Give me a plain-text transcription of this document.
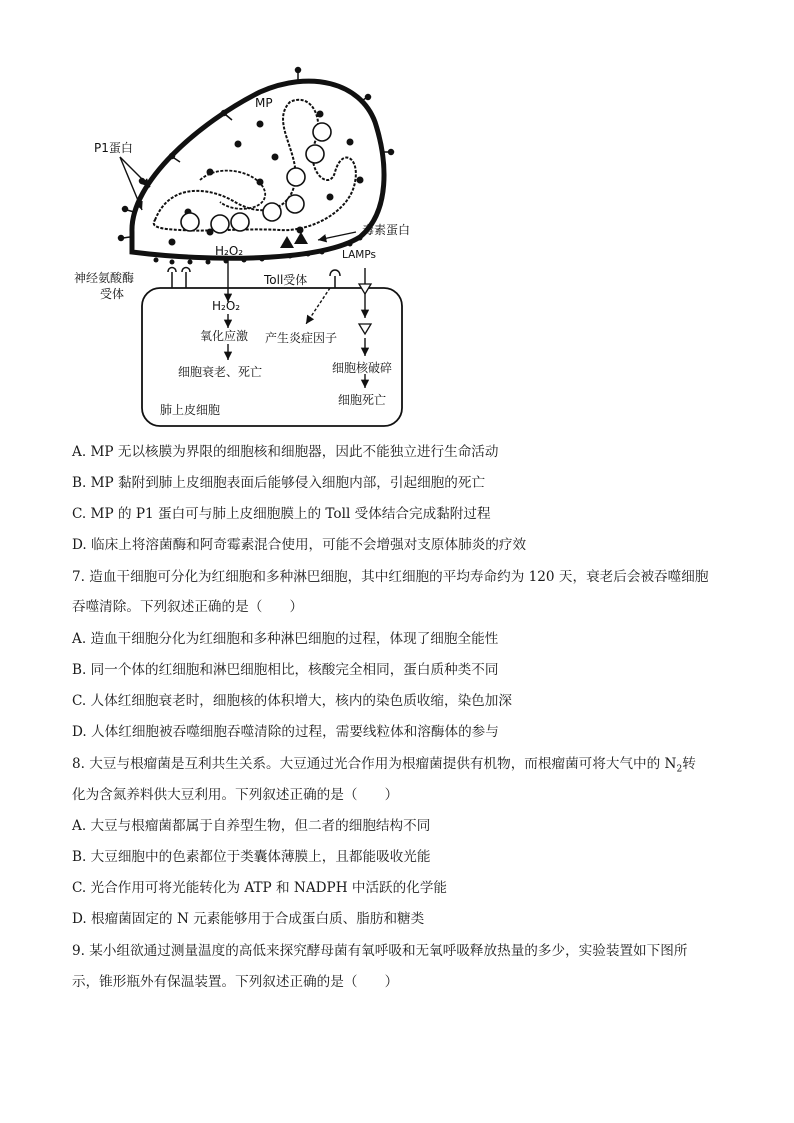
MP
P1蛋白
毒素蛋白
H₂O₂	LAMPs
神经氨酸酶
受体
Toll受体
H₂O₂
氧化应激 产生炎症因子
细胞衰老、死亡	细胞核破碎
细胞死亡
肺上皮细胞
A. MP 无以核膜为界限的细胞核和细胞器，因此不能独立进行生命活动
B. MP 黏附到肺上皮细胞表面后能够侵入细胞内部，引起细胞的死亡
C. MP 的 P1 蛋白可与肺上皮细胞膜上的 Toll 受体结合完成黏附过程
D. 临床上将溶菌酶和阿奇霉素混合使用，可能不会增强对支原体肺炎的疗效
7. 造血干细胞可分化为红细胞和多种淋巴细胞，其中红细胞的平均寿命约为 120 天，衰老后会被吞噬细胞
吞噬清除。下列叙述正确的是（　　）
A. 造血干细胞分化为红细胞和多种淋巴细胞的过程，体现了细胞全能性
B. 同一个体的红细胞和淋巴细胞相比，核酸完全相同，蛋白质种类不同
C. 人体红细胞衰老时，细胞核的体积增大，核内的染色质收缩，染色加深
D. 人体红细胞被吞噬细胞吞噬清除的过程，需要线粒体和溶酶体的参与
8. 大豆与根瘤菌是互利共生关系。大豆通过光合作用为根瘤菌提供有机物，而根瘤菌可将大气中的 $N_2$转
化为含氮养料供大豆利用。下列叙述正确的是（　　）
A. 大豆与根瘤菌都属于自养型生物，但二者的细胞结构不同
B. 大豆细胞中的色素都位于类囊体薄膜上，且都能吸收光能
C. 光合作用可将光能转化为 ATP 和 NADPH 中活跃的化学能
D. 根瘤菌固定的 N 元素能够用于合成蛋白质、脂肪和糖类
9. 某小组欲通过测量温度的高低来探究酵母菌有氧呼吸和无氧呼吸释放热量的多少，实验装置如下图所
示，锥形瓶外有保温装置。下列叙述正确的是（　　）
